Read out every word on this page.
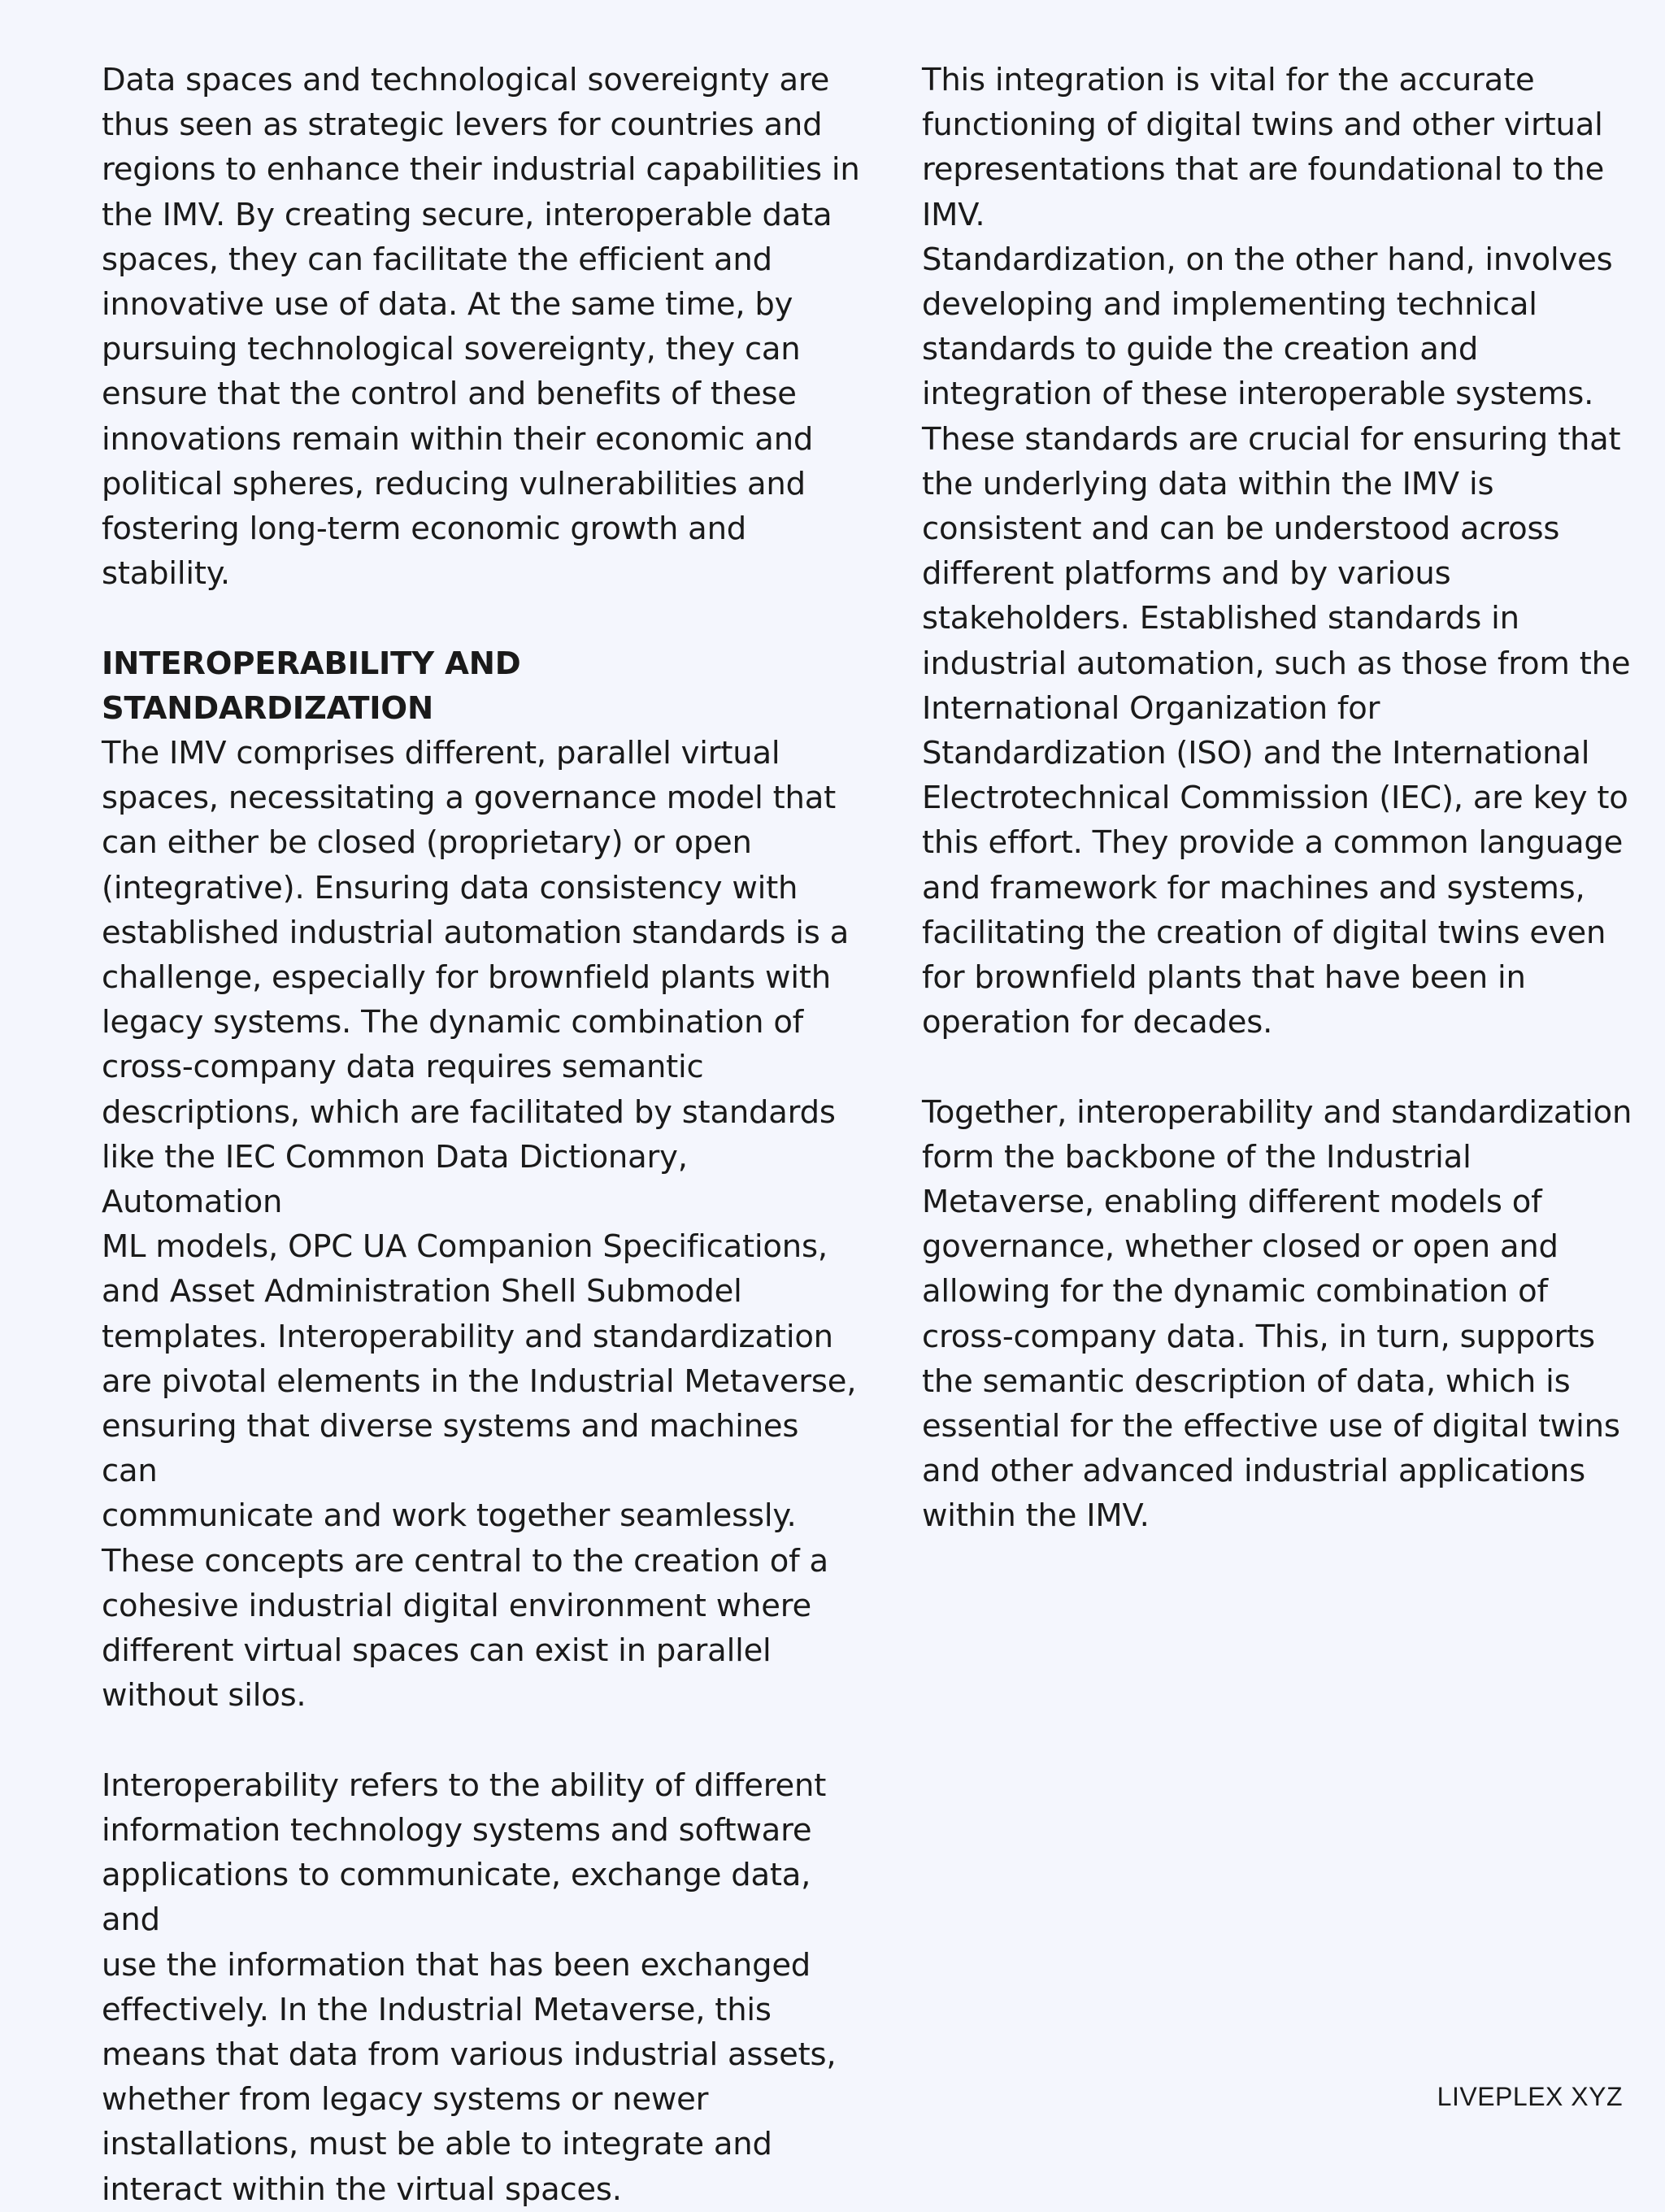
Data spaces and technological sovereignty are
thus seen as strategic levers for countries and
regions to enhance their industrial capabilities in
the IMV. By creating secure, interoperable data
spaces, they can facilitate the efficient and
innovative use of data. At the same time, by
pursuing technological sovereignty, they can
ensure that the control and benefits of these
innovations remain within their economic and
political spheres, reducing vulnerabilities and
fostering long-term economic growth and
stability.

INTEROPERABILITY AND STANDARDIZATION

The IMV comprises different, parallel virtual
spaces, necessitating a governance model that
can either be closed (proprietary) or open
(integrative). Ensuring data consistency with
established industrial automation standards is a
challenge, especially for brownfield plants with
legacy systems. The dynamic combination of
cross-company data requires semantic
descriptions, which are facilitated by standards
like the IEC Common Data Dictionary, Automation
ML models, OPC UA Companion Specifications,
and Asset Administration Shell Submodel
templates. Interoperability and standardization
are pivotal elements in the Industrial Metaverse,
ensuring that diverse systems and machines can
communicate and work together seamlessly.
These concepts are central to the creation of a
cohesive industrial digital environment where
different virtual spaces can exist in parallel
without silos.

Interoperability refers to the ability of different
information technology systems and software
applications to communicate, exchange data, and
use the information that has been exchanged
effectively. In the Industrial Metaverse, this
means that data from various industrial assets,
whether from legacy systems or newer
installations, must be able to integrate and
interact within the virtual spaces.

This integration is vital for the accurate
functioning of digital twins and other virtual
representations that are foundational to the
IMV.

Standardization, on the other hand, involves
developing and implementing technical
standards to guide the creation and
integration of these interoperable systems.
These standards are crucial for ensuring that
the underlying data within the IMV is
consistent and can be understood across
different platforms and by various
stakeholders. Established standards in
industrial automation, such as those from the
International Organization for
Standardization (ISO) and the International
Electrotechnical Commission (IEC), are key to
this effort. They provide a common language
and framework for machines and systems,
facilitating the creation of digital twins even
for brownfield plants that have been in
operation for decades.

Together, interoperability and standardization
form the backbone of the Industrial
Metaverse, enabling different models of
governance, whether closed or open and
allowing for the dynamic combination of
cross-company data. This, in turn, supports
the semantic description of data, which is
essential for the effective use of digital twins
and other advanced industrial applications
within the IMV.

LIVEPLEX XYZ
